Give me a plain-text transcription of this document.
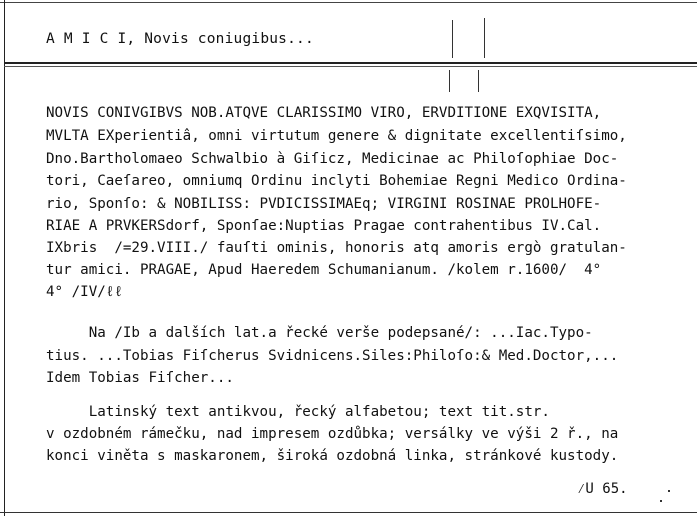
A M I C I, Novis coniugibus...
NOVIS CONIVGIBVS NOB.ATQVE CLARISSIMO VIRO, ERVDITIONE EXQVISITA,
MVLTA EXperientiâ, omni virtutum genere & dignitate excellentiſsimo,
Dno.Bartholomaeo Schwalbio à Giſicz, Medicinae ac Philoſophiae Doc-
tori, Caeſareo, omniumq Ordinu inclyti Bohemiae Regni Medico Ordina-
rio, Sponſo: & NOBILISS: PVDICISSIMAEq; VIRGINI ROSINAE PROLHOFE-
RIAE A PRVKERSdorf, Sponſae:Nuptias Pragae contrahentibus IV.Cal.
IXbris  /=29.VIII./ fauſti ominis, honoris atq amoris ergò gratulan-
tur amici. PRAGAE, Apud Haeredem Schumanianum. /kolem r.1600/  4°
4° /IV/ℓℓ
Na /Ib a dalších lat.a řecké verše podepsané/: ...Iac.Typo-
tius. ...Tobias Fiſcherus Svidnicens.Siles:Philoſo:& Med.Doctor,...
Idem Tobias Fiſcher...
Latinský text antikvou, řecký alfabetou; text tit.str.
v ozdobném rámečku, nad impresem ozdůbka; versálky ve výši 2 ř., na
konci viněta s maskaronem, široká ozdobná linka, stránkové kustody.
⁄U 65.
